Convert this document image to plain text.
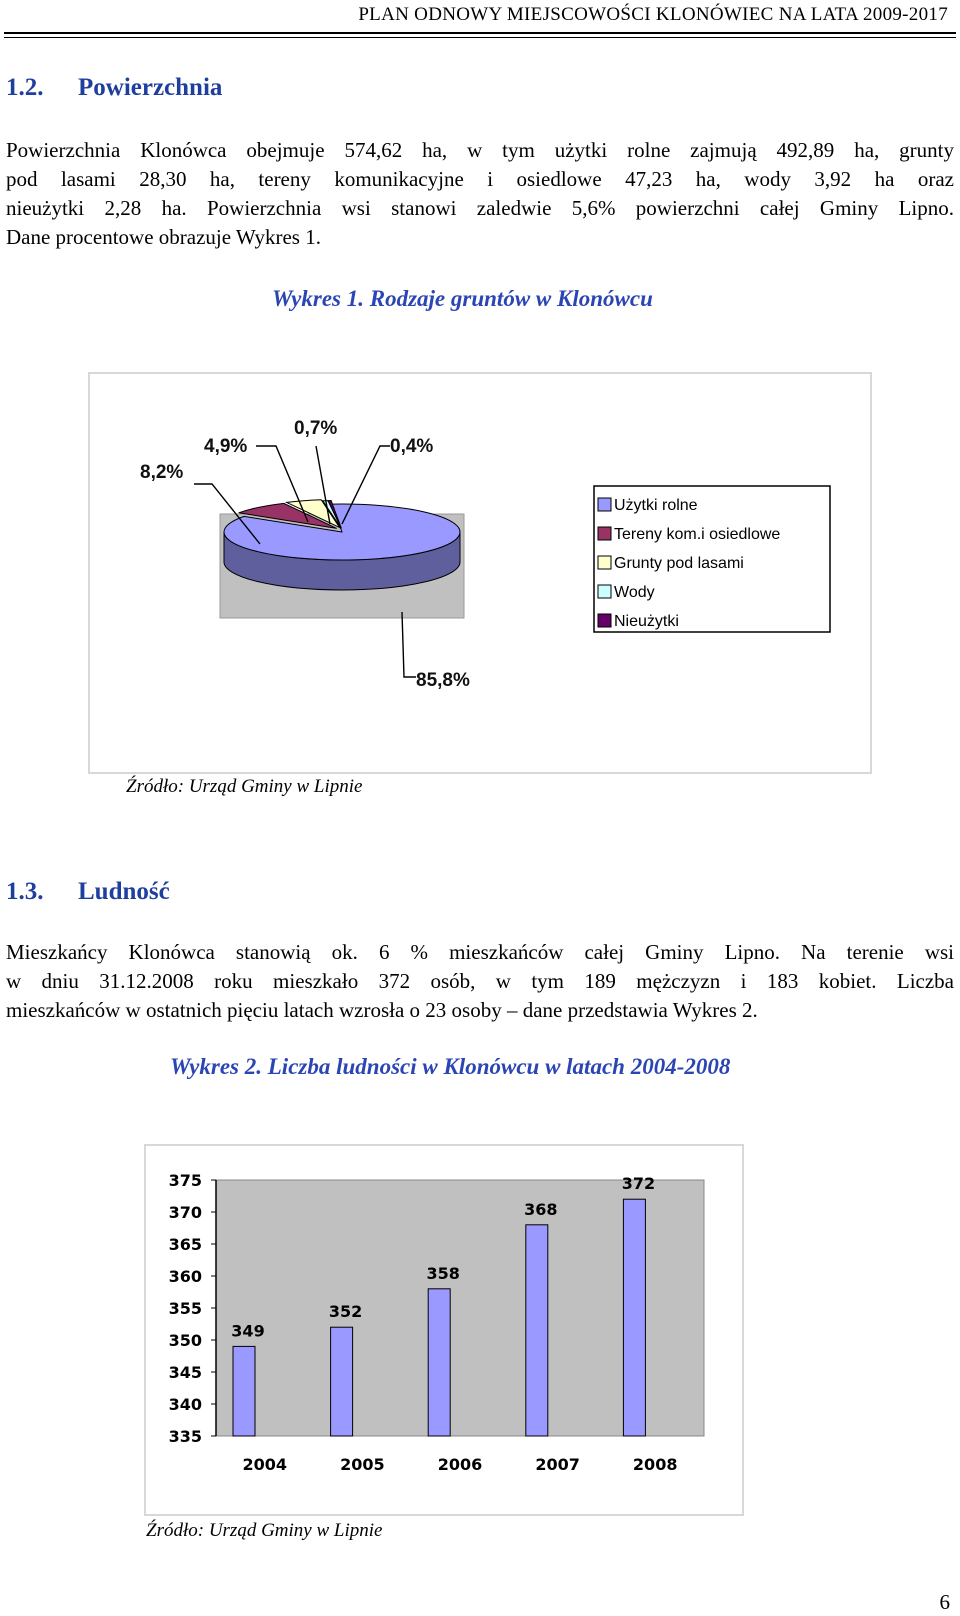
PLAN ODNOWY MIEJSCOWOŚCI KLONÓWIEC NA LATA 2009-2017
1.2. Powierzchnia
Powierzchnia Klonówca obejmuje 574,62 ha, w tym użytki rolne zajmują 492,89 ha, grunty
pod lasami 28,30 ha, tereny komunikacyjne i osiedlowe 47,23 ha, wody 3,92 ha oraz
nieużytki 2,28 ha. Powierzchnia wsi stanowi zaledwie 5,6% powierzchni całej Gminy Lipno.
Dane procentowe obrazuje Wykres 1.
Wykres 1. Rodzaje gruntów w Klonówcu
85,8%
8,2%
4,9%
0,7%
0,4%
Użytki rolne
Tereny kom.i osiedlowe
Grunty pod lasami
Wody
Nieużytki
Źródło: Urząd Gminy w Lipnie
1.3. Ludność
Mieszkańcy Klonówca stanowią ok. 6 % mieszkańców całej Gminy Lipno. Na terenie wsi
w dniu 31.12.2008 roku mieszkało 372 osób, w tym 189 mężczyzn i 183 kobiet. Liczba
mieszkańców w ostatnich pięciu latach wzrosła o 23 osoby – dane przedstawia Wykres 2.
Wykres 2. Liczba ludności w Klonówcu w latach 2004-2008
375
370
365
360
355
350
345
340
335
349
2004
352
2005
358
2006
368
2007
372
2008
Źródło: Urząd Gminy w Lipnie
6
